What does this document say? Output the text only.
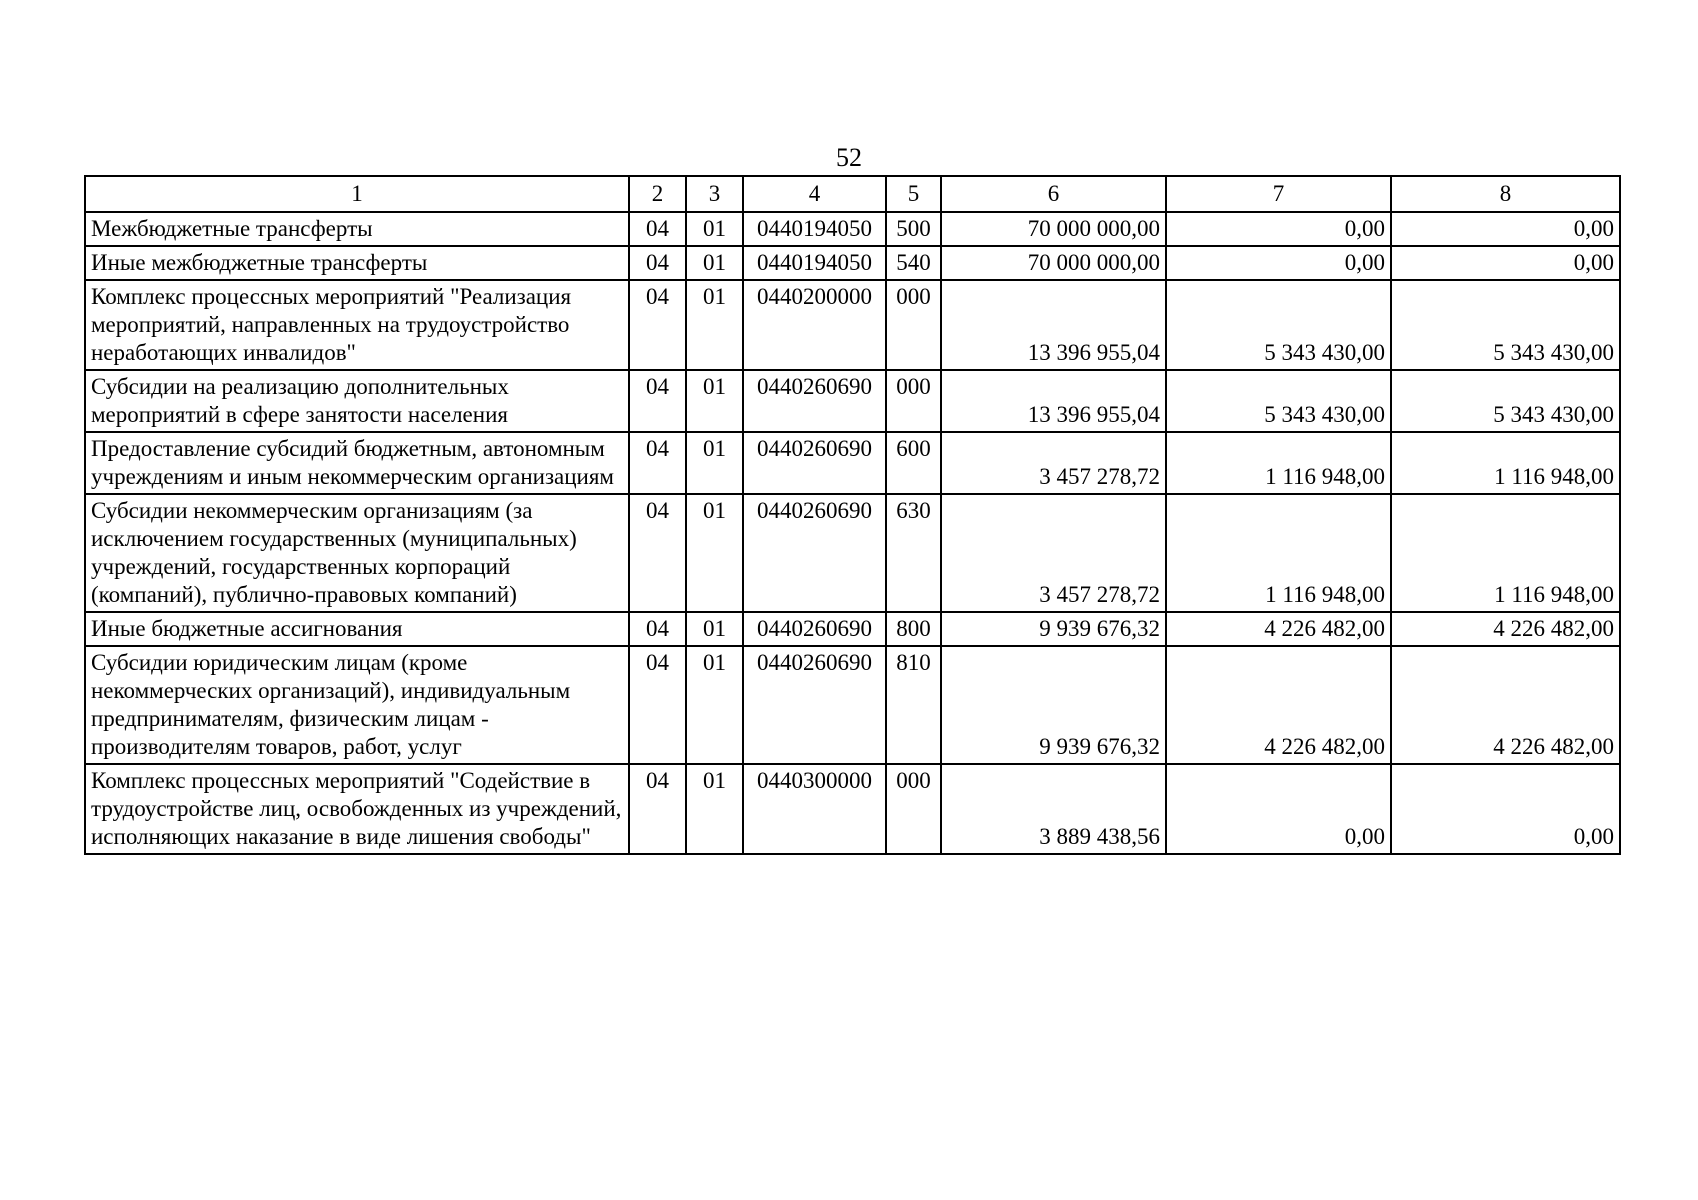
52
1	2	3	4	5	6	7	8
Межбюджетные трансферты	04	01	0440194050	500	70 000 000,00	0,00	0,00
Иные межбюджетные трансферты	04	01	0440194050	540	70 000 000,00	0,00	0,00
Комплекс процессных мероприятий "Реализация мероприятий, направленных на трудоустройство неработающих инвалидов"	04	01	0440200000	000	13 396 955,04	5 343 430,00	5 343 430,00
Субсидии на реализацию дополнительных мероприятий в сфере занятости населения	04	01	0440260690	000	13 396 955,04	5 343 430,00	5 343 430,00
Предоставление субсидий бюджетным, автономным учреждениям и иным некоммерческим организациям	04	01	0440260690	600	3 457 278,72	1 116 948,00	1 116 948,00
Субсидии некоммерческим организациям (за исключением государственных (муниципальных) учреждений, государственных корпораций (компаний), публично-правовых компаний)	04	01	0440260690	630	3 457 278,72	1 116 948,00	1 116 948,00
Иные бюджетные ассигнования	04	01	0440260690	800	9 939 676,32	4 226 482,00	4 226 482,00
Субсидии юридическим лицам (кроме некоммерческих организаций), индивидуальным предпринимателям, физическим лицам - производителям товаров, работ, услуг	04	01	0440260690	810	9 939 676,32	4 226 482,00	4 226 482,00
Комплекс процессных мероприятий "Содействие в трудоустройстве лиц, освобожденных из учреждений, исполняющих наказание в виде лишения свободы"	04	01	0440300000	000	3 889 438,56	0,00	0,00
